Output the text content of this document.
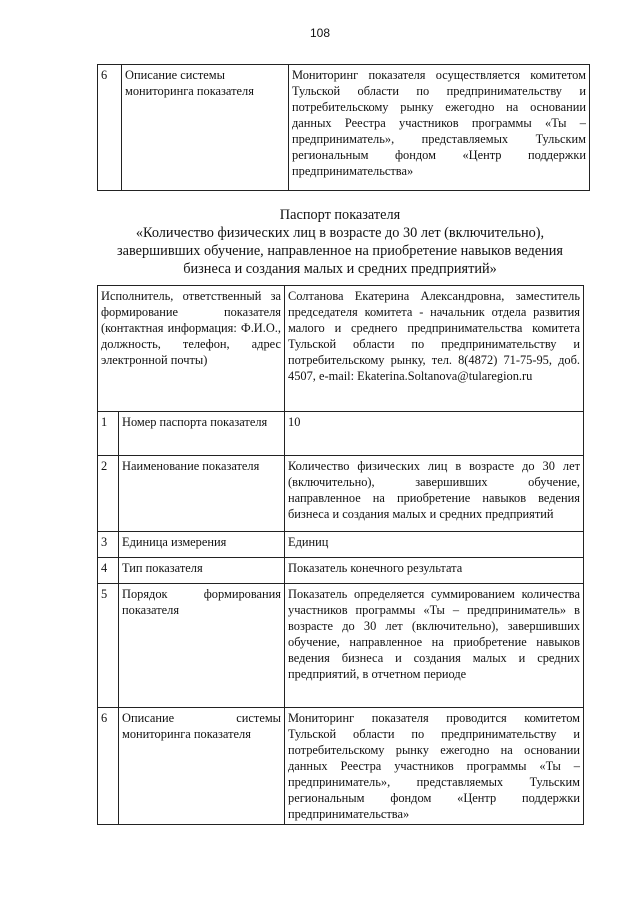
108
6	Описание системы мониторинга показателя	Мониторинг показателя осуществляется комитетом Тульской области по предпринимательству и потребительскому рынку ежегодно на основании данных Реестра участников программы «Ты – предприниматель», представляемых Тульским региональным фондом «Центр поддержки предпринимательства»
Паспорт показателя
«Количество физических лиц в возрасте до 30 лет (включительно),
завершивших обучение, направленное на приобретение навыков ведения
бизнеса и создания малых и средних предприятий»
Исполнитель, ответственный за формирование показателя (контактная информация: Ф.И.О., должность, телефон, адрес электронной почты)		Солтанова Екатерина Александровна, заместитель председателя комитета - начальник отдела развития малого и среднего предпринимательства комитета Тульской области по предпринимательству и потребительскому рынку, тел. 8(4872) 71-75-95, доб. 4507, e-mail: Ekaterina.Soltanova@tularegion.ru
1	Номер паспорта показателя	10
2	Наименование показателя	Количество физических лиц в возрасте до 30 лет (включительно), завершивших обучение, направленное на приобретение навыков ведения бизнеса и создания малых и средних предприятий
3	Единица измерения	Единиц
4	Тип показателя	Показатель конечного результата
5	Порядок формирования показателя	Показатель определяется суммированием количества участников программы «Ты – предприниматель» в возрасте до 30 лет (включительно), завершивших обучение, направленное на приобретение навыков ведения бизнеса и создания малых и средних предприятий, в отчетном периоде
6	Описание системы мониторинга показателя	Мониторинг показателя проводится комитетом Тульской области по предпринимательству и потребительскому рынку ежегодно на основании данных Реестра участников программы «Ты – предприниматель», представляемых Тульским региональным фондом «Центр поддержки предпринимательства»
